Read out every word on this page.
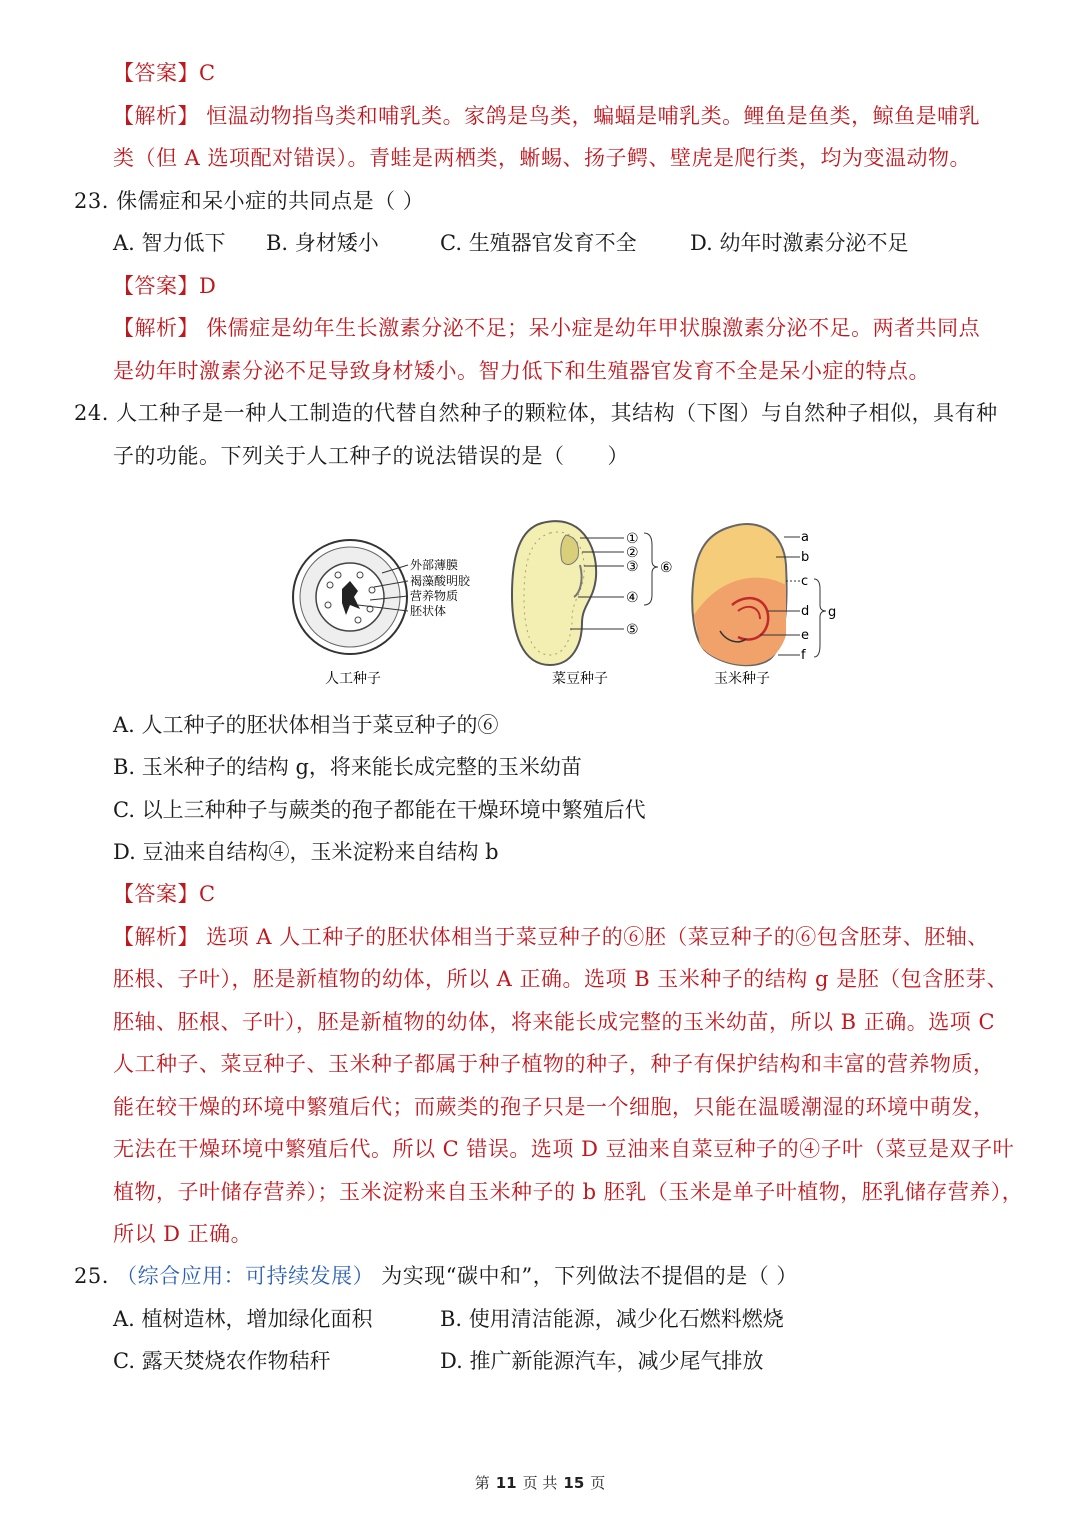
【答案】C
【解析】 恒温动物指鸟类和哺乳类。家鸽是鸟类，蝙蝠是哺乳类。鲤鱼是鱼类，鲸鱼是哺乳
类（但 A 选项配对错误）。青蛙是两栖类，蜥蜴、扬子鳄、壁虎是爬行类，均为变温动物。
23. 侏儒症和呆小症的共同点是（ ）
A. 智力低下 B. 身材矮小	C. 生殖器官发育不全	D. 幼年时激素分泌不足
【答案】D
【解析】 侏儒症是幼年生长激素分泌不足；呆小症是幼年甲状腺激素分泌不足。两者共同点
是幼年时激素分泌不足导致身材矮小。智力低下和生殖器官发育不全是呆小症的特点。
24. 人工种子是一种人工制造的代替自然种子的颗粒体，其结构（下图）与自然种子相似，具有种
子的功能。下列关于人工种子的说法错误的是（　　）
外部薄膜
褐藻酸明胶
营养物质
胚状体
人工种子
①
②
③
④
⑤
⑥
菜豆种子
a
b
c
d
e
f
g
玉米种子
A. 人工种子的胚状体相当于菜豆种子的⑥
B. 玉米种子的结构 g，将来能长成完整的玉米幼苗
C. 以上三种种子与蕨类的孢子都能在干燥环境中繁殖后代
D. 豆油来自结构④，玉米淀粉来自结构 b
【答案】C
【解析】 选项 A 人工种子的胚状体相当于菜豆种子的⑥胚（菜豆种子的⑥包含胚芽、胚轴、
胚根、子叶），胚是新植物的幼体，所以 A 正确。选项 B 玉米种子的结构 g 是胚（包含胚芽、
胚轴、胚根、子叶），胚是新植物的幼体，将来能长成完整的玉米幼苗，所以 B 正确。选项 C
人工种子、菜豆种子、玉米种子都属于种子植物的种子，种子有保护结构和丰富的营养物质，
能在较干燥的环境中繁殖后代；而蕨类的孢子只是一个细胞，只能在温暖潮湿的环境中萌发，
无法在干燥环境中繁殖后代。所以 C 错误。选项 D 豆油来自菜豆种子的④子叶（菜豆是双子叶
植物，子叶储存营养）；玉米淀粉来自玉米种子的 b 胚乳（玉米是单子叶植物，胚乳储存营养），
所以 D 正确。
25. （综合应用：可持续发展） 为实现“碳中和”，下列做法不提倡的是（ ）
A. 植树造林，增加绿化面积	B. 使用清洁能源，减少化石燃料燃烧
C. 露天焚烧农作物秸秆	D. 推广新能源汽车，减少尾气排放
第 11 页 共 15 页
